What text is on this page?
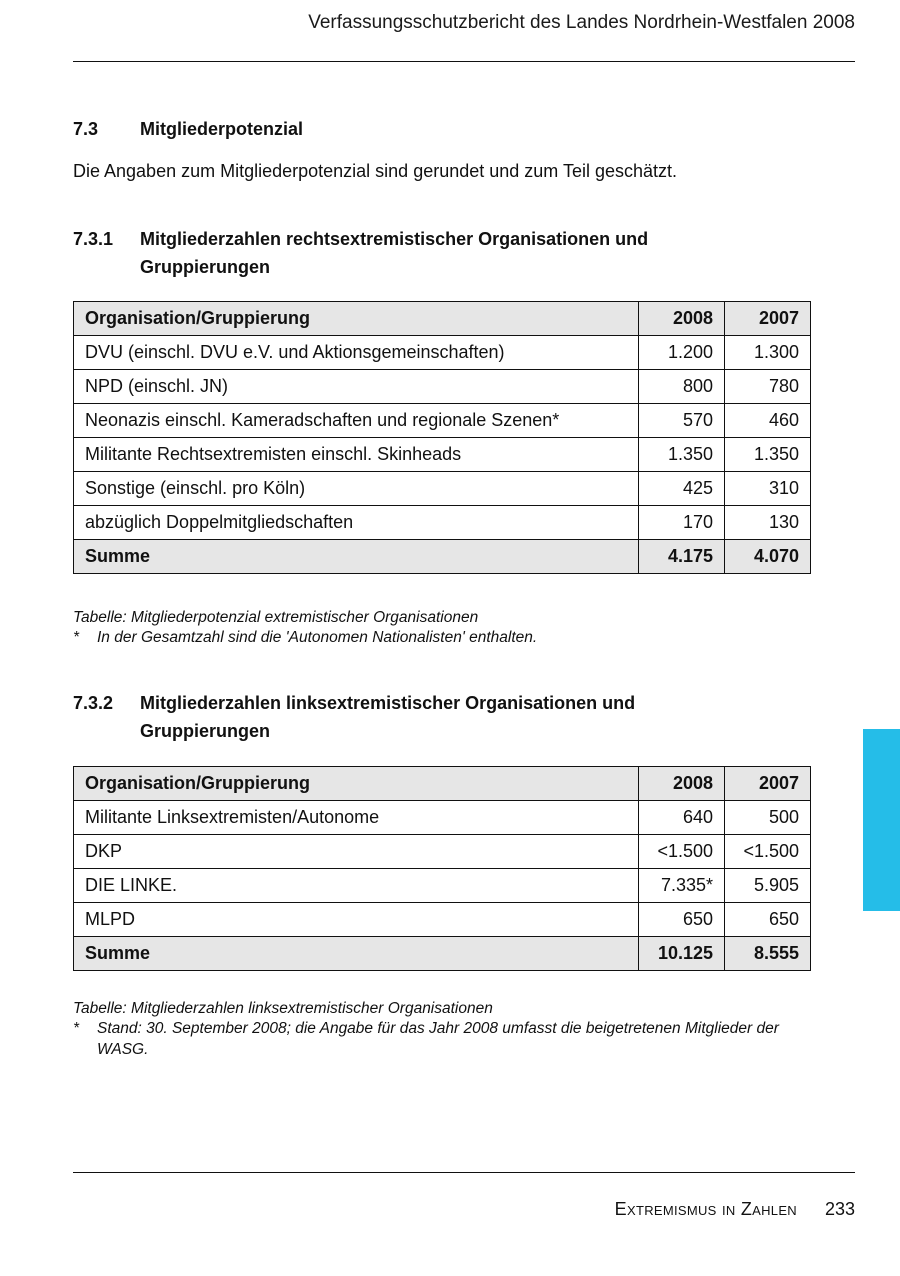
Verfassungsschutzbericht des Landes Nordrhein-Westfalen 2008
7.3 Mitgliederpotenzial
Die Angaben zum Mitgliederpotenzial sind gerundet und zum Teil geschätzt.
7.3.1 Mitgliederzahlen rechtsextremistischer Organisationen und Gruppierungen
Organisation/Gruppierung	2008	2007
DVU (einschl. DVU e.V. und Aktionsgemeinschaften)	1.200	1.300
NPD (einschl. JN)	800	780
Neonazis einschl. Kameradschaften und regionale Szenen*	570	460
Militante Rechtsextremisten einschl. Skinheads	1.350	1.350
Sonstige (einschl. pro Köln)	425	310
abzüglich Doppelmitgliedschaften	170	130
Summe	4.175	4.070
Tabelle: Mitgliederpotenzial extremistischer Organisationen
* In der Gesamtzahl sind die 'Autonomen Nationalisten' enthalten.
7.3.2 Mitgliederzahlen linksextremistischer Organisationen und Gruppierungen
Organisation/Gruppierung	2008	2007
Militante Linksextremisten/Autonome	640	500
DKP	<1.500	<1.500
DIE LINKE.	7.335*	5.905
MLPD	650	650
Summe	10.125	8.555
Tabelle: Mitgliederzahlen linksextremistischer Organisationen
* Stand: 30. September 2008; die Angabe für das Jahr 2008 umfasst die beigetretenen Mitglieder der WASG.
Extremismus in Zahlen 233
